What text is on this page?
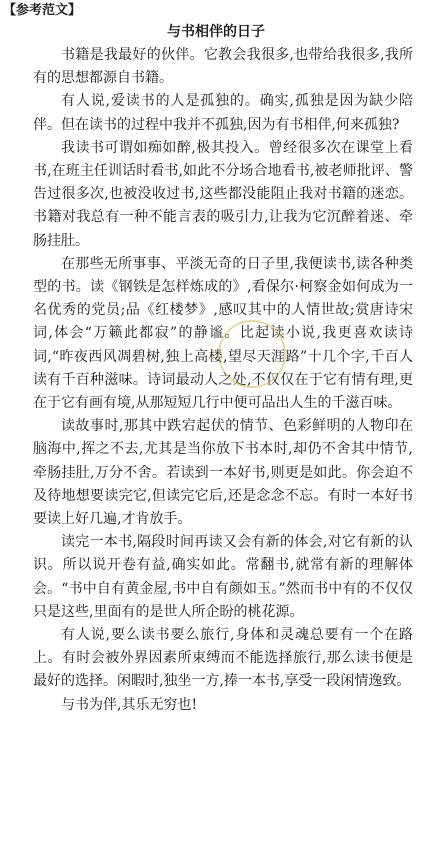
【参考范文】
与书相伴的日子

书籍是我最好的伙伴。它教会我很多,也带给我很多,我所有的思想都源自书籍。

有人说,爱读书的人是孤独的。确实,孤独是因为缺少陪伴。但在读书的过程中我并不孤独,因为有书相伴,何来孤独?

我读书可谓如痴如醉,极其投入。曾经很多次在课堂上看书,在班主任训话时看书,如此不分场合地看书,被老师批评、警告过很多次,也被没收过书,这些都没能阻止我对书籍的迷恋。书籍对我总有一种不能言表的吸引力,让我为它沉醉着迷、牵肠挂肚。

在那些无所事事、平淡无奇的日子里,我便读书,读各种类型的书。读《钢铁是怎样炼成的》,看保尔·柯察金如何成为一名优秀的党员;品《红楼梦》,感叹其中的人情世故;赏唐诗宋词,体会“万籁此都寂”的静谧。比起读小说,我更喜欢读诗词,“昨夜西风凋碧树,独上高楼,望尽天涯路”十几个字,千百人读有千百种滋味。诗词最动人之处,不仅仅在于它有情有理,更在于它有画有境,从那短短几行中便可品出人生的千滋百味。

读故事时,那其中跌宕起伏的情节、色彩鲜明的人物印在脑海中,挥之不去,尤其是当你放下书本时,却仍不舍其中情节,牵肠挂肚,万分不舍。若读到一本好书,则更是如此。你会迫不及待地想要读完它,但读完它后,还是念念不忘。有时一本好书要读上好几遍,才肯放手。

读完一本书,隔段时间再读又会有新的体会,对它有新的认识。所以说开卷有益,确实如此。常翻书,就常有新的理解体会。“书中自有黄金屋,书中自有颜如玉。”然而书中有的不仅仅只是这些,里面有的是世人所企盼的桃花源。

有人说,要么读书要么旅行,身体和灵魂总要有一个在路上。有时会被外界因素所束缚而不能选择旅行,那么读书便是最好的选择。闲暇时,独坐一方,捧一本书,享受一段闲情逸致。

与书为伴,其乐无穷也!
